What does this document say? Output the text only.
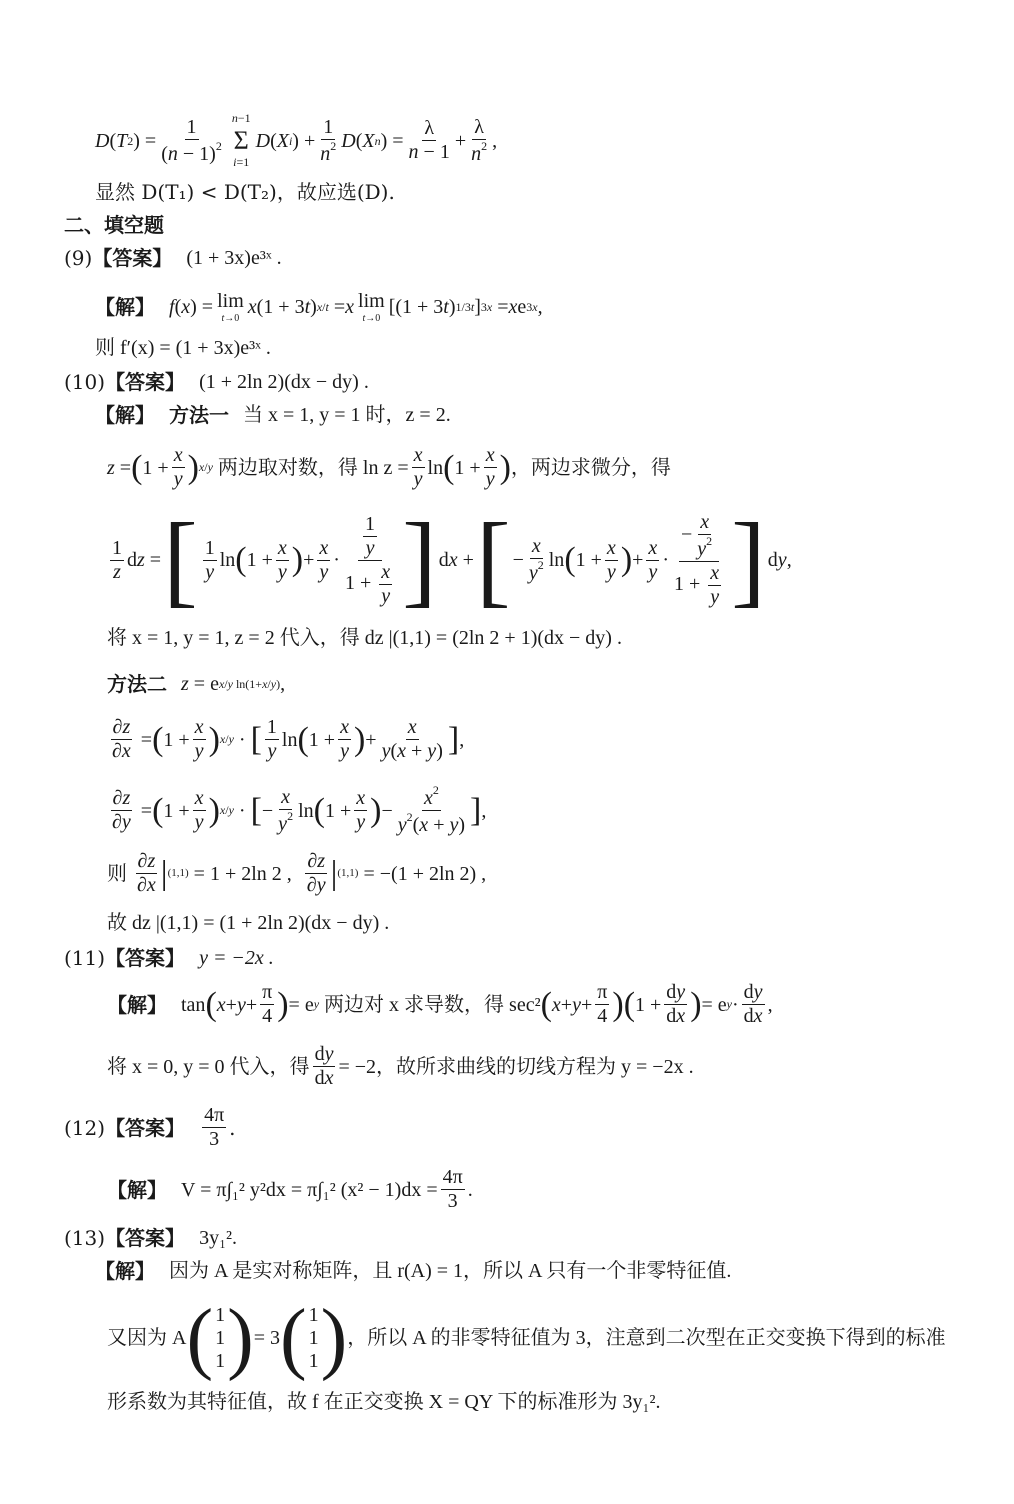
D ( T 2 ) = $\frac{1}{(n - 1)^2} n-1$
Σ
i=1
D ( X i ) + $\frac{1}{n^2}$ D ( X n ) = $\frac{\lambda}{n - 1} + \frac{\lambda}{n^2}$ ,
显然 D(T₁) < D(T₂)，故应选(D).
二、填空题
(9) 【答案】 (1 + 3x)e³ˣ .
【解】 f ( x ) = lim
t→0
x (1 + 3 t ) x/t = x lim
t→0
[(1 + 3 t ) 1/3t ] 3x = x e 3x ,
则 f′(x) = (1 + 3x)e³ˣ .
(10) 【答案】 (1 + 2ln 2)(dx − dy) .
【解】 方法一 当 x = 1, y = 1 时，z = 2.
z = ( $1 + \frac{x}{y}$ ) x/y
两边取对数，得 $\ln z = \frac{x}{y}$ ln ( $1 + \frac{x}{y}$ ) ，两边求微分，得
$\frac{1}{z}$ d z = [ $\frac{1}{y}$ ln ( $1 + \frac{x}{y}$ ) + $\frac{x}{y} \cdot \frac{\frac{1}{y}}{1 + \frac{x}{y}}$ ] d x + [ − $\frac{x}{y^2}$ ln ( $1 + \frac{x}{y}$ ) + $\frac{x}{y} \cdot \frac{- \frac{x}{y^2}}{1 + \frac{x}{y}}$ ] d y ,
将 x = 1, y = 1, z = 2 代入，得 dz |(1,1) = (2ln 2 + 1)(dx − dy) .
方法二 z = e x/y ln(1+x/y) ,
$\frac{\partial z}{\partial x}$ = ( $1 + \frac{x}{y}$ ) x/y · [ $\frac{1}{y}$ ln ( $1 + \frac{x}{y}$ ) + $\frac{x}{y(x + y)}$ ] ,
$\frac{\partial z}{\partial y}$ = ( $1 + \frac{x}{y}$ ) x/y · [ − $\frac{x}{y^2}$ ln ( $1 + \frac{x}{y}$ ) − $\frac{x^2}{y^2(x + y)}$ ] ,
则
$\frac{\partial z}{\partial x}$ | (1,1) = 1 + 2ln 2 , $\frac{\partial z}{\partial y}$ | (1,1) = −(1 + 2ln 2) ,
故 dz |(1,1) = (1 + 2ln 2)(dx − dy) .
(11) 【答案】 y = −2x .
【解】 tan ( $x + y + \frac{\pi}{4}$ ) = e y
两边对 x 求导数，得 sec² ( $x + y + \frac{\pi}{4}$ ) ( $1 + \frac{dy}{dx}$ ) = e $y \cdot \frac{dy}{dx}$ ,
将 x = 0, y = 0 代入，得 $\frac{dy}{dx} = -2$，故所求曲线的切线方程为 y = −2x .
(12) 【答案】 $\frac{4\pi}{3}$ .
【解】 V = π∫₁² y²dx = π∫₁² $(x^2 - 1)dx = \frac{4\pi}{3}$ .
(13) 【答案】 3y₁².
【解】 因为 A 是实对称矩阵，且 r(A) = 1，所以 A 只有一个非零特征值.
又因为 A ( 1
1
1 ) = 3 ( 1
1
1 ) ，所以 A 的非零特征值为 3，注意到二次型在正交变换下得到的标准
形系数为其特征值，故 f 在正交变换 X = QY 下的标准形为 3y₁².
